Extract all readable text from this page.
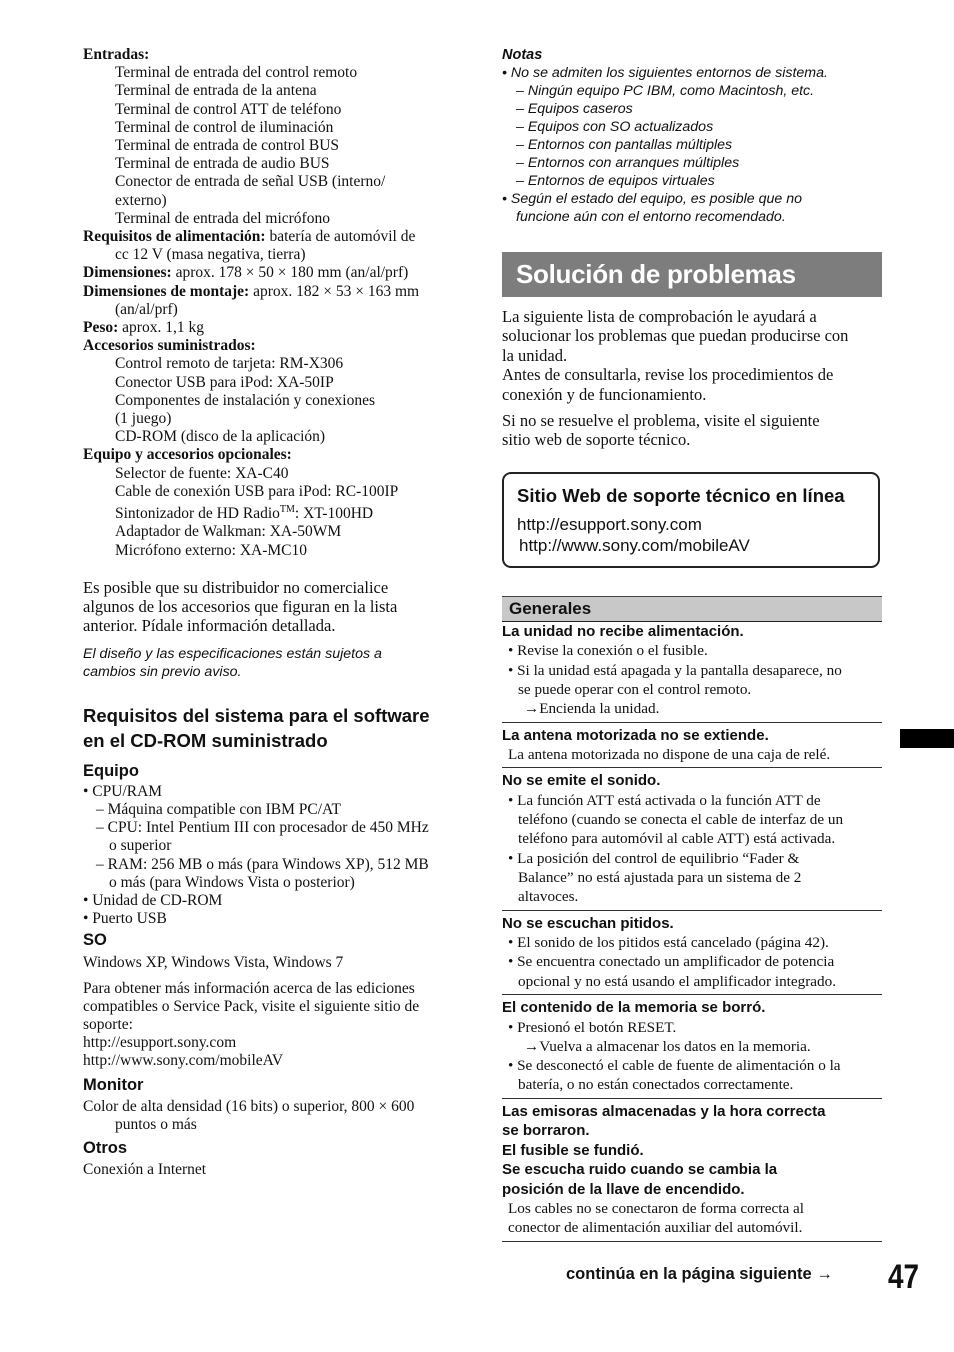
Entradas:
Terminal de entrada del control remoto
Terminal de entrada de la antena
Terminal de control ATT de teléfono
Terminal de control de iluminación
Terminal de entrada de control BUS
Terminal de entrada de audio BUS
Conector de entrada de señal USB (interno/
externo)
Terminal de entrada del micrófono
Requisitos de alimentación: batería de automóvil de
cc 12 V (masa negativa, tierra)
Dimensiones: aprox. 178 × 50 × 180 mm (an/al/prf)
Dimensiones de montaje: aprox. 182 × 53 × 163 mm
(an/al/prf)
Peso: aprox. 1,1 kg
Accesorios suministrados:
Control remoto de tarjeta: RM-X306
Conector USB para iPod: XA-50IP
Componentes de instalación y conexiones
(1 juego)
CD-ROM (disco de la aplicación)
Equipo y accesorios opcionales:
Selector de fuente: XA-C40
Cable de conexión USB para iPod: RC-100IP
Sintonizador de HD Radio™: XT-100HD
Adaptador de Walkman: XA-50WM
Micrófono externo: XA-MC10
Es posible que su distribuidor no comercialice
algunos de los accesorios que figuran en la lista
anterior. Pídale información detallada.
El diseño y las especificaciones están sujetos a
cambios sin previo aviso.
Requisitos del sistema para el software
en el CD-ROM suministrado
Equipo
• CPU/RAM
– Máquina compatible con IBM PC/AT
– CPU: Intel Pentium III con procesador de 450 MHz
o superior
– RAM: 256 MB o más (para Windows XP), 512 MB
o más (para Windows Vista o posterior)
• Unidad de CD-ROM
• Puerto USB
SO
Windows XP, Windows Vista, Windows 7
Para obtener más información acerca de las ediciones
compatibles o Service Pack, visite el siguiente sitio de
soporte:
http://esupport.sony.com
http://www.sony.com/mobileAV
Monitor
Color de alta densidad (16 bits) o superior, 800 × 600
puntos o más
Otros
Conexión a Internet
Notas
• No se admiten los siguientes entornos de sistema.
– Ningún equipo PC IBM, como Macintosh, etc.
– Equipos caseros
– Equipos con SO actualizados
– Entornos con pantallas múltiples
– Entornos con arranques múltiples
– Entornos de equipos virtuales
• Según el estado del equipo, es posible que no
funcione aún con el entorno recomendado.
Solución de problemas
La siguiente lista de comprobación le ayudará a
solucionar los problemas que puedan producirse con
la unidad.
Antes de consultarla, revise los procedimientos de
conexión y de funcionamiento.
Si no se resuelve el problema, visite el siguiente
sitio web de soporte técnico.
Sitio Web de soporte técnico en línea
http://esupport.sony.com
http://www.sony.com/mobileAV
Generales
La unidad no recibe alimentación.
• Revise la conexión o el fusible.
• Si la unidad está apagada y la pantalla desaparece, no
se puede operar con el control remoto.
→Encienda la unidad.
La antena motorizada no se extiende.
La antena motorizada no dispone de una caja de relé.
No se emite el sonido.
• La función ATT está activada o la función ATT de
teléfono (cuando se conecta el cable de interfaz de un
teléfono para automóvil al cable ATT) está activada.
• La posición del control de equilibrio “Fader &
Balance” no está ajustada para un sistema de 2
altavoces.
No se escuchan pitidos.
• El sonido de los pitidos está cancelado (página 42).
• Se encuentra conectado un amplificador de potencia
opcional y no está usando el amplificador integrado.
El contenido de la memoria se borró.
• Presionó el botón RESET.
→Vuelva a almacenar los datos en la memoria.
• Se desconectó el cable de fuente de alimentación o la
batería, o no están conectados correctamente.
Las emisoras almacenadas y la hora correcta
se borraron.
El fusible se fundió.
Se escucha ruido cuando se cambia la
posición de la llave de encendido.
Los cables no se conectaron de forma correcta al
conector de alimentación auxiliar del automóvil.
continúa en la página siguiente → 47
